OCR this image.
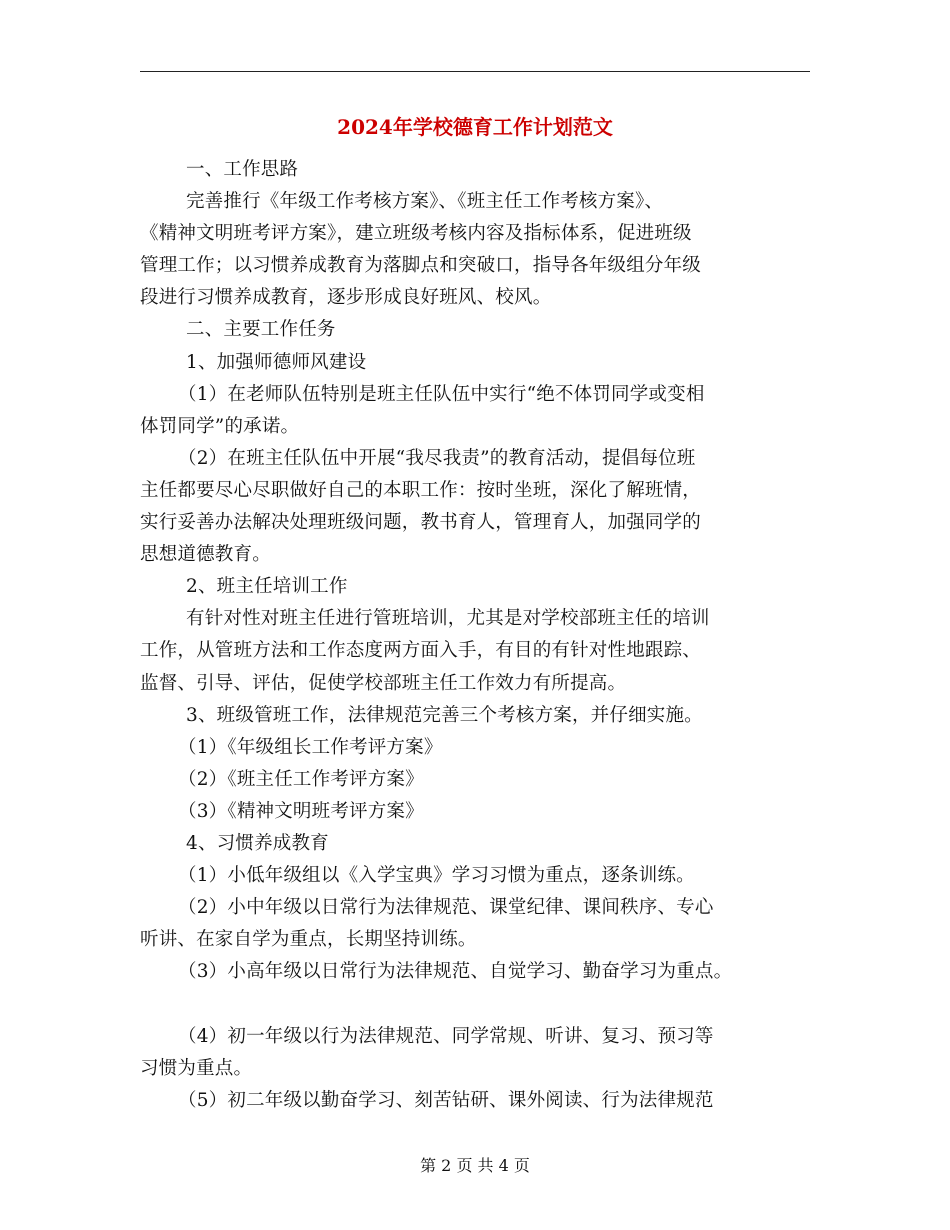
2024年学校德育工作计划范文
一、工作思路
完善推行《年级工作考核方案》、《班主任工作考核方案》、
《精神文明班考评方案》，建立班级考核内容及指标体系，促进班级
管理工作；以习惯养成教育为落脚点和突破口，指导各年级组分年级
段进行习惯养成教育，逐步形成良好班风、校风。
二、主要工作任务
1、加强师德师风建设
（1）在老师队伍特别是班主任队伍中实行“绝不体罚同学或变相
体罚同学”的承诺。
（2）在班主任队伍中开展“我尽我责”的教育活动，提倡每位班
主任都要尽心尽职做好自己的本职工作：按时坐班，深化了解班情，
实行妥善办法解决处理班级问题，教书育人，管理育人，加强同学的
思想道德教育。
2、班主任培训工作
有针对性对班主任进行管班培训，尤其是对学校部班主任的培训
工作，从管班方法和工作态度两方面入手，有目的有针对性地跟踪、
监督、引导、评估，促使学校部班主任工作效力有所提高。
3、班级管班工作，法律规范完善三个考核方案，并仔细实施。
（1）《年级组长工作考评方案》
（2）《班主任工作考评方案》
（3）《精神文明班考评方案》
4、习惯养成教育
（1）小低年级组以《入学宝典》学习习惯为重点，逐条训练。
（2）小中年级以日常行为法律规范、课堂纪律、课间秩序、专心
听讲、在家自学为重点，长期坚持训练。
（3）小高年级以日常行为法律规范、自觉学习、勤奋学习为重点。
（4）初一年级以行为法律规范、同学常规、听讲、复习、预习等
习惯为重点。
（5）初二年级以勤奋学习、刻苦钻研、课外阅读、行为法律规范
第 2 页 共 4 页
